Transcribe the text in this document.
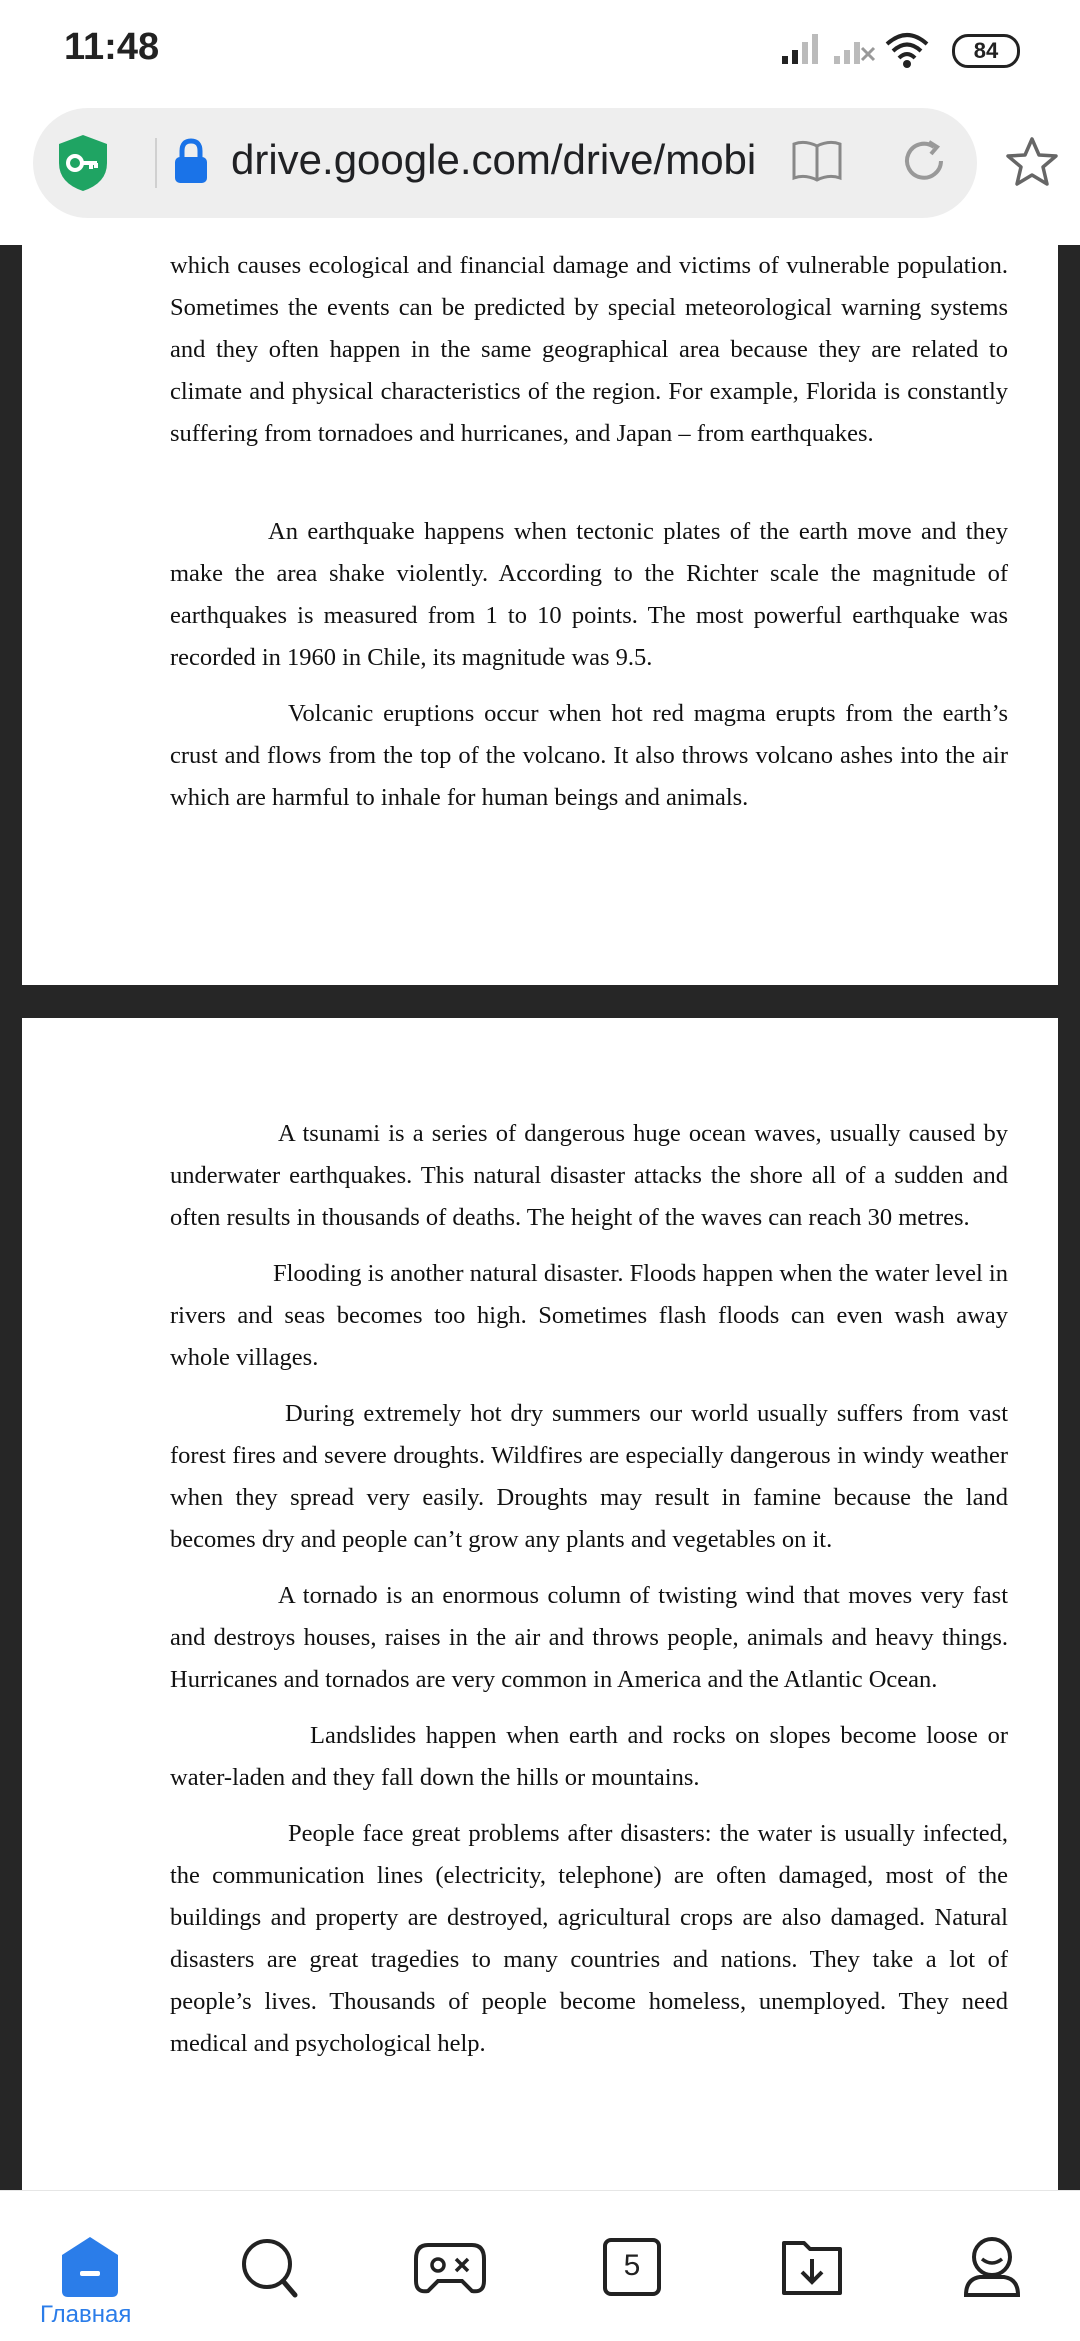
11:48	84
drive.google.com/drive/mobi

which causes ecological and financial damage and victims of vulnerable population. Sometimes the events can be predicted by special meteorological warning systems and they often happen in the same geographical area because they are related to climate and physical characteristics of the region. For example, Florida is constantly suffering from tornadoes and hurricanes, and Japan – from earthquakes.

An earthquake happens when tectonic plates of the earth move and they make the area shake violently. According to the Richter scale the magnitude of earthquakes is measured from 1 to 10 points. The most powerful earthquake was recorded in 1960 in Chile, its magnitude was 9.5.

Volcanic eruptions occur when hot red magma erupts from the earth’s crust and flows from the top of the volcano. It also throws volcano ashes into the air which are harmful to inhale for human beings and animals.

A tsunami is a series of dangerous huge ocean waves, usually caused by underwater earthquakes. This natural disaster attacks the shore all of a sudden and often results in thousands of deaths. The height of the waves can reach 30 metres.

Flooding is another natural disaster. Floods happen when the water level in rivers and seas becomes too high. Sometimes flash floods can even wash away whole villages.

During extremely hot dry summers our world usually suffers from vast forest fires and severe droughts. Wildfires are especially dangerous in windy weather when they spread very easily. Droughts may result in famine because the land becomes dry and people can’t grow any plants and vegetables on it.

A tornado is an enormous column of twisting wind that moves very fast and destroys houses, raises in the air and throws people, animals and heavy things. Hurricanes and tornados are very common in America and the Atlantic Ocean.

Landslides happen when earth and rocks on slopes become loose or water-laden and they fall down the hills or mountains.

People face great problems after disasters: the water is usually infected, the communication lines (electricity, telephone) are often damaged, most of the buildings and property are destroyed, agricultural crops are also damaged. Natural disasters are great tragedies to many countries and nations. They take a lot of people’s lives. Thousands of people become homeless, unemployed. They need medical and psychological help.

Главная
5
